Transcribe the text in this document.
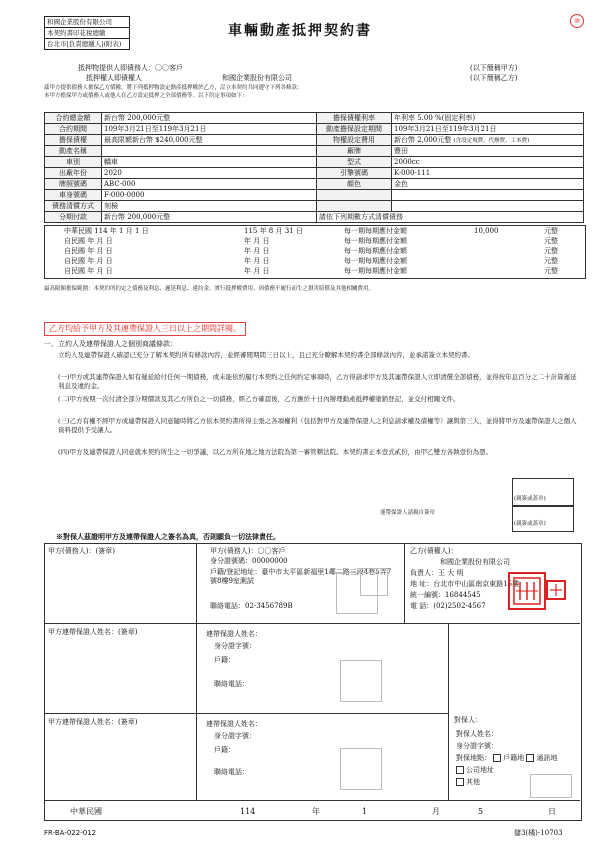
和國企業股份有限公司
本契約書印花稅總繳
台北市|負責總繳人|(附表)
車輛動產抵押契約書
⑩
抵押物提供人即債務人：〇〇客戶	(以下簡稱甲方)
抵押權人即債權人	和國企業股份有限公司	(以下簡稱乙方)
茲甲方提供債務人擔保乙方債權，將下列抵押物設定動產抵押權於乙方，訂立本契約共同遵守下列各條款：
本甲方擔保甲方或債務人或他人在乙方設定抵押之全部債務等。以下約定事項如下：
合約總金額	新台幣 200,000元整	擔保債權利率	年利率 5.00 %(固定利率)
合約期間	109年3月21日至119年3月21日	動產擔保設定期間	109年3月21日至119年3月21日
擔保債權	最高限額新台幣 $240,000元整	物權設定費用	新台幣 2,000元整 (含設定規費、代辦費、工本費)
動產名稱		廠牌	豐田
車別	轎車	型式	2000cc
出廠年份	2020	引擎號碼	K-000-111
牌照號碼	ABC-000	顏色	金色
車身號碼	F-000-0000		
債務清償方式	刻檢		
分期付款	新台幣 200,000元整	請依下列期數方式清償債務	
中華民國 114 年 1 月 1 日	115 年 8 月 31 日	每一期每期應付金額	10,000	元整
自民國 年 月 日	年 月 日	每一期每期應付金額	元整
自民國 年 月 日	年 月 日	每一期每期應付金額	元整
自民國 年 月 日	年 月 日	每一期每期應付金額	元整
自民國 年 月 日	年 月 日	每一期每期應付金額	元整
最高限額擔保範圍：本契約所約定之債務及利息、遲延利息、違約金、實行抵押權費用、因債務不履行而生之損害賠償及其他相關費用。
乙方均給予甲方及其連帶保證人三日以上之期間詳閱。
一、立約人及連帶保證人之個別商議條款：
立約人及連帶保證人確認已充分了解本契約所有條款內容，並經審閱期間三日以上，且已充分瞭解本契約書全部條款內容，並承諾簽立本契約書。
(一)甲方或其連帶保證人如有遲延給付任何一期債務，或未能依約履行本契約之任何約定事項時，乙方得請求甲方及其連帶保證人立即清償全部債務，並得按年息百分之二十計算遲延利息及違約金。
(二)甲方按期一次付清全部分期價款及其乙方所負之一切債務，經乙方確認後，乙方應於十日內辦理動產抵押權塗銷登記，並交付相關文件。
(三)乙方有權不經甲方或連帶保證人同意隨時將乙方依本契約書所得主張之各項權利（包括對甲方及連帶保證人之利息請求權及債權等）讓與第三人，並得將甲方及連帶保證人之個人資料提供予受讓人。
(四)甲方及連帶保證人同意就本契約所生之一切爭議，以乙方所在地之地方法院為第一審管轄法院。本契約書正本壹式貳份，由甲乙雙方各執壹份為憑。
(親簽或蓋章)
連帶保證人請親自簽章
(親簽或蓋章)
※對保人茲證明甲方及連帶保證人之簽名為真，否則願負一切法律責任。
甲方(債務人)：(簽章)	甲方(債務人)：〇〇客戶
身分證號碼：00000000
戶籍/登記地址：臺中市太平區新福里1鄰二路三段4巷5弄7號8樓9室測試
聯絡電話：02-3456789B
乙方(債權人)：
和國企業股份有限公司
負責人：王 大 明
地 址：台北市中山區南京東路15樓
統一編號：16844545
電 話：(02)2502-4567
甲方連帶保證人姓名：(簽章)	連帶保證人姓名：
身分證字號：
戶籍：
聯絡電話：
甲方連帶保證人姓名：(簽章)	連帶保證人姓名：
身分證字號：
戶籍：
聯絡電話：
對保人：
對保人姓名：
身分證字號：
對保地點： 戶籍地 通訊地
公司地址
其他
中華民國	114	年	1	月	5	日
FR-BA-022-012	儲3(橘)-10703
